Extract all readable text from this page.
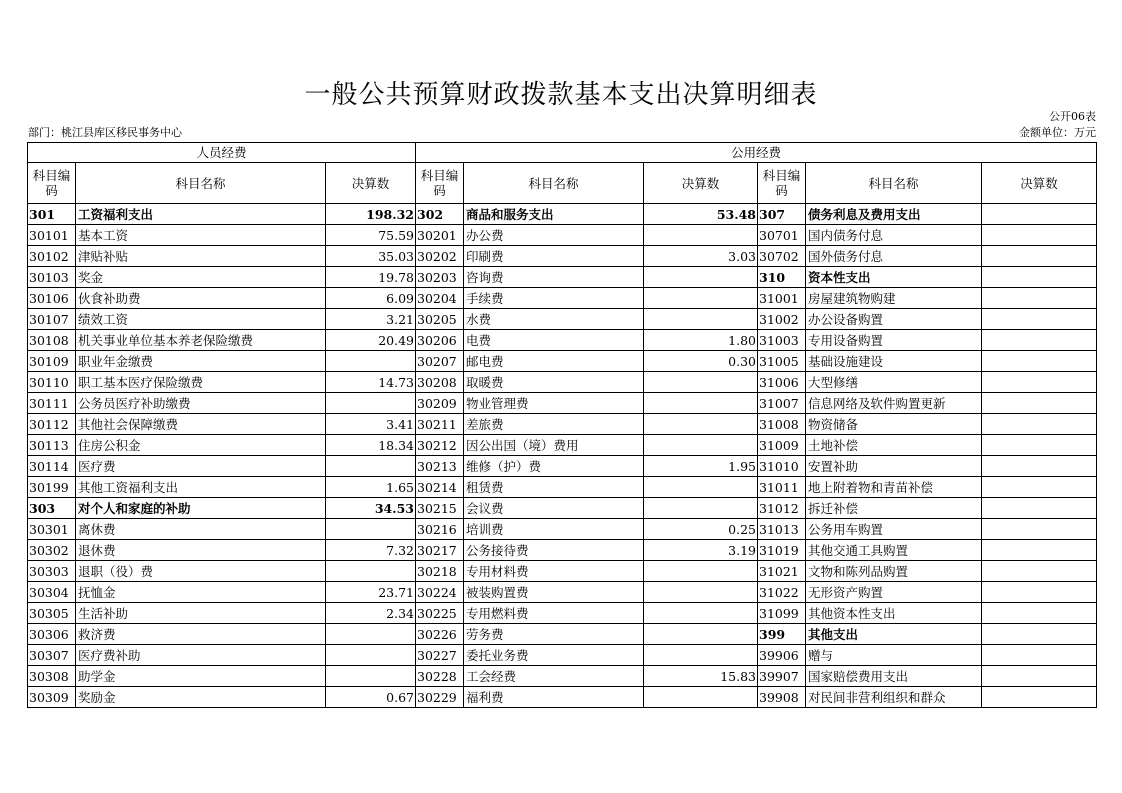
一般公共预算财政拨款基本支出决算明细表
公开06表
部门：桃江县库区移民事务中心	金额单位：万元
人员经费			公用经费					
科目编码	科目名称	决算数	科目编码	科目名称	决算数	科目编码	科目名称	决算数
301	工资福利支出	198.32	302	商品和服务支出	53.48	307	债务利息及费用支出	
30101	基本工资	75.59	30201	办公费		30701	国内债务付息	
30102	津贴补贴	35.03	30202	印刷费	3.03	30702	国外债务付息	
30103	奖金	19.78	30203	咨询费		310	资本性支出	
30106	伙食补助费	6.09	30204	手续费		31001	房屋建筑物购建	
30107	绩效工资	3.21	30205	水费		31002	办公设备购置	
30108	机关事业单位基本养老保险缴费	20.49	30206	电费	1.80	31003	专用设备购置	
30109	职业年金缴费		30207	邮电费	0.30	31005	基础设施建设	
30110	职工基本医疗保险缴费	14.73	30208	取暖费		31006	大型修缮	
30111	公务员医疗补助缴费		30209	物业管理费		31007	信息网络及软件购置更新	
30112	其他社会保障缴费	3.41	30211	差旅费		31008	物资储备	
30113	住房公积金	18.34	30212	因公出国（境）费用		31009	土地补偿	
30114	医疗费		30213	维修（护）费	1.95	31010	安置补助	
30199	其他工资福利支出	1.65	30214	租赁费		31011	地上附着物和青苗补偿	
303	对个人和家庭的补助	34.53	30215	会议费		31012	拆迁补偿	
30301	离休费		30216	培训费	0.25	31013	公务用车购置	
30302	退休费	7.32	30217	公务接待费	3.19	31019	其他交通工具购置	
30303	退职（役）费		30218	专用材料费		31021	文物和陈列品购置	
30304	抚恤金	23.71	30224	被装购置费		31022	无形资产购置	
30305	生活补助	2.34	30225	专用燃料费		31099	其他资本性支出	
30306	救济费		30226	劳务费		399	其他支出	
30307	医疗费补助		30227	委托业务费		39906	赠与	
30308	助学金		30228	工会经费	15.83	39907	国家赔偿费用支出	
30309	奖励金	0.67	30229	福利费		39908	对民间非营利组织和群众	
